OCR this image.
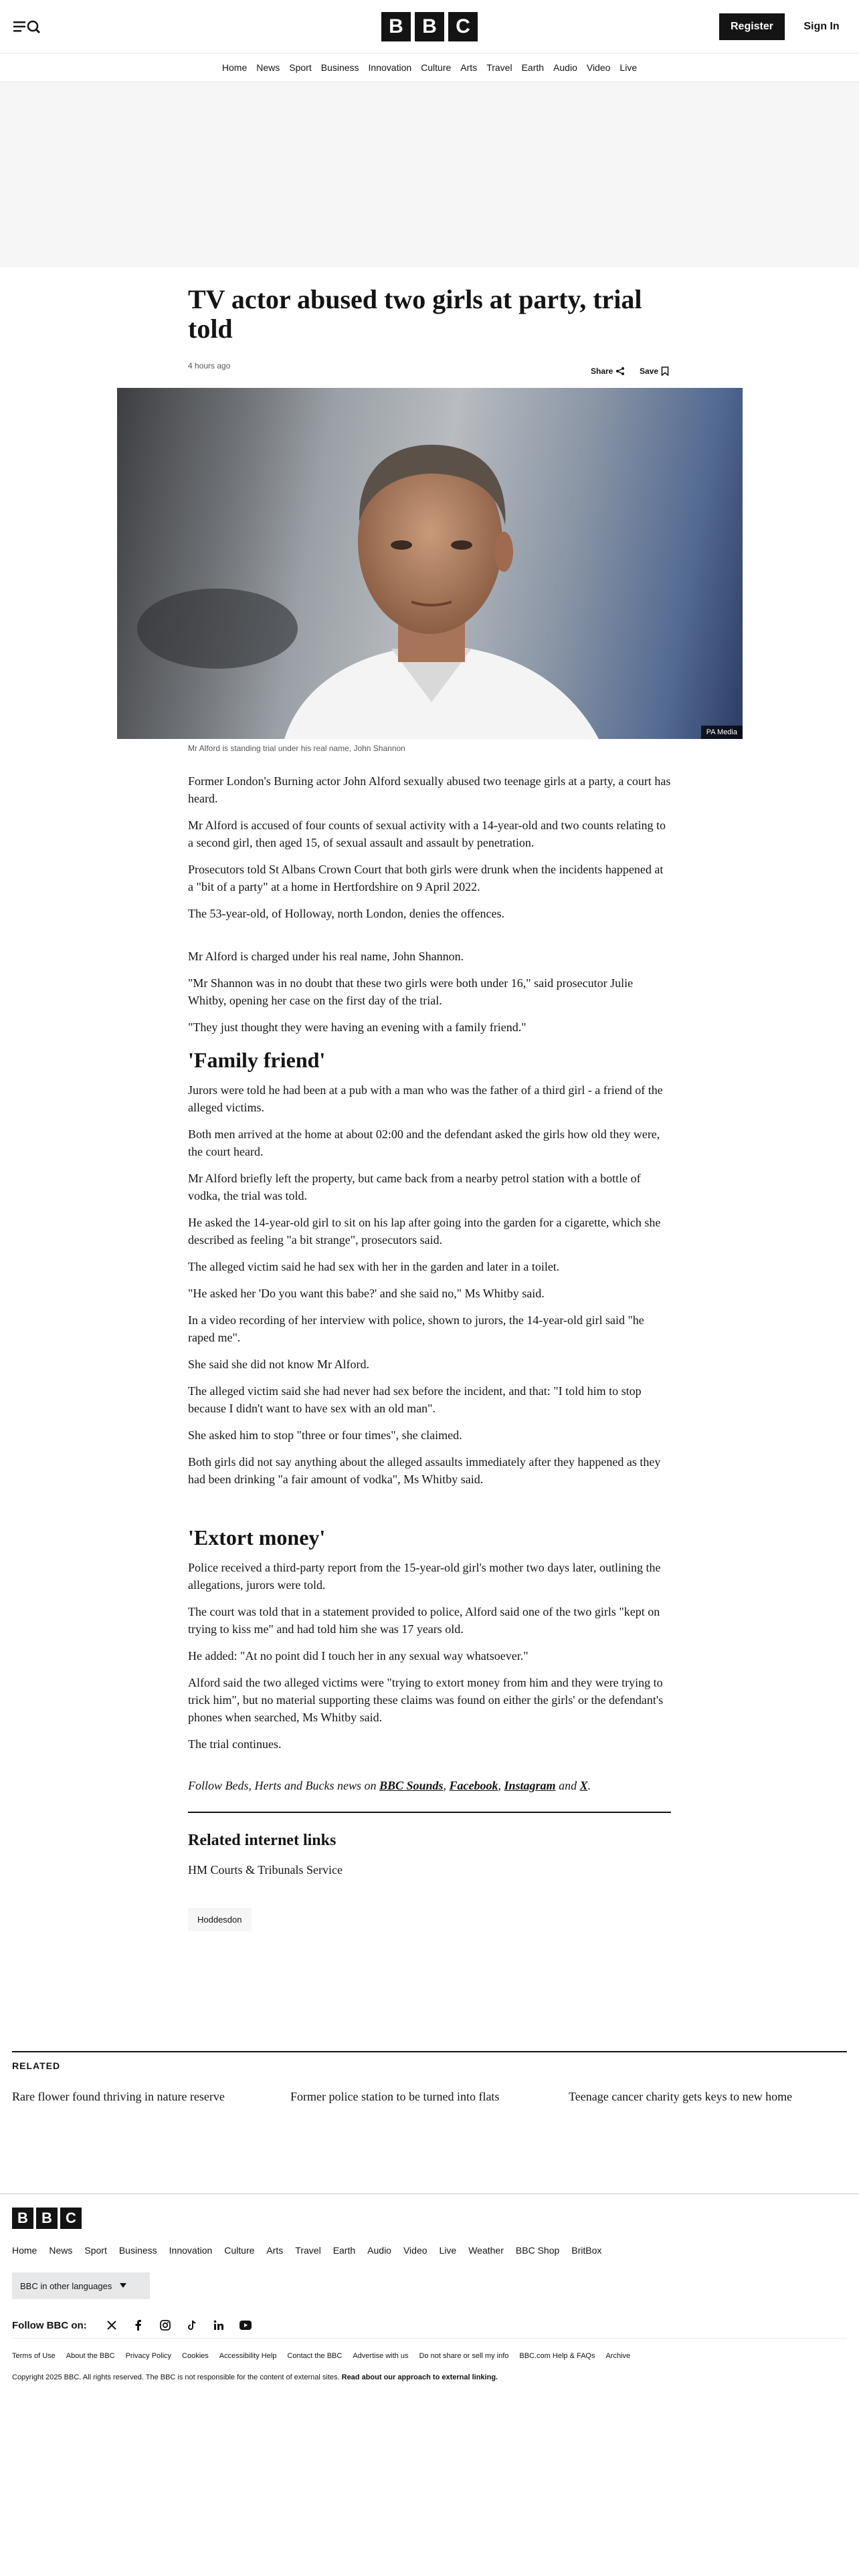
B B C	Register	Sign In
Home	News	Sport	Business	Innovation	Culture	Arts	Travel	Earth	Audio	Video	Live
TV actor abused two girls at party, trial told
4 hours ago
Share	Save
PA Media
Mr Alford is standing trial under his real name, John Shannon

Former London's Burning actor John Alford sexually abused two teenage girls at a party, a court has heard.

Mr Alford is accused of four counts of sexual activity with a 14-year-old and two counts relating to a second girl, then aged 15, of sexual assault and assault by penetration.

Prosecutors told St Albans Crown Court that both girls were drunk when the incidents happened at a "bit of a party" at a home in Hertfordshire on 9 April 2022.

The 53-year-old, of Holloway, north London, denies the offences.

Mr Alford is charged under his real name, John Shannon.

"Mr Shannon was in no doubt that these two girls were both under 16," said prosecutor Julie Whitby, opening her case on the first day of the trial.

"They just thought they were having an evening with a family friend."

'Family friend'

Jurors were told he had been at a pub with a man who was the father of a third girl - a friend of the alleged victims.

Both men arrived at the home at about 02:00 and the defendant asked the girls how old they were, the court heard.

Mr Alford briefly left the property, but came back from a nearby petrol station with a bottle of vodka, the trial was told.

He asked the 14-year-old girl to sit on his lap after going into the garden for a cigarette, which she described as feeling "a bit strange", prosecutors said.

The alleged victim said he had sex with her in the garden and later in a toilet.

"He asked her 'Do you want this babe?' and she said no," Ms Whitby said.

In a video recording of her interview with police, shown to jurors, the 14-year-old girl said "he raped me".

She said she did not know Mr Alford.

The alleged victim said she had never had sex before the incident, and that: "I told him to stop because I didn't want to have sex with an old man".

She asked him to stop "three or four times", she claimed.

Both girls did not say anything about the alleged assaults immediately after they happened as they had been drinking "a fair amount of vodka", Ms Whitby said.

'Extort money'

Police received a third-party report from the 15-year-old girl's mother two days later, outlining the allegations, jurors were told.

The court was told that in a statement provided to police, Alford said one of the two girls "kept on trying to kiss me" and had told him she was 17 years old.

He added: "At no point did I touch her in any sexual way whatsoever."

Alford said the two alleged victims were "trying to extort money from him and they were trying to trick him", but no material supporting these claims was found on either the girls' or the defendant's phones when searched, Ms Whitby said.

The trial continues.

Follow Beds, Herts and Bucks news on BBC Sounds, Facebook, Instagram and X.

Related internet links
HM Courts & Tribunals Service
Hoddesdon
RELATED
Rare flower found thriving in nature reserve	Former police station to be turned into flats	Teenage cancer charity gets keys to new home
B B C
Home News Sport Business Innovation Culture Arts Travel Earth Audio Video Live Weather BBC Shop BritBox
BBC in other languages
Follow BBC on:
Terms of Use About the BBC Privacy Policy Cookies Accessibility Help Contact the BBC Advertise with us Do not share or sell my info BBC.com Help & FAQs Archive
Copyright 2025 BBC. All rights reserved. The BBC is not responsible for the content of external sites. Read about our approach to external linking.
